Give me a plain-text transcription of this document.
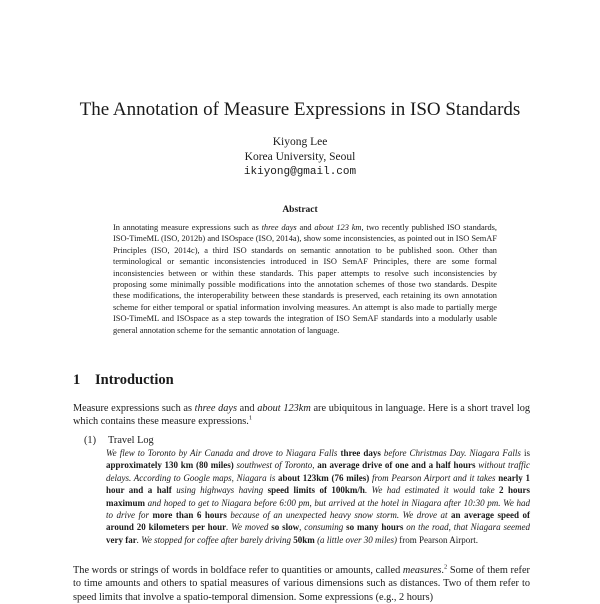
The Annotation of Measure Expressions in ISO Standards
Kiyong Lee
Korea University, Seoul
ikiyong@gmail.com
Abstract

In annotating measure expressions such as three days and about 123 km, two recently published ISO standards, ISO-TimeML (ISO, 2012b) and ISOspace (ISO, 2014a), show some inconsistencies, as pointed out in ISO SemAF Principles (ISO, 2014c), a third ISO standards on semantic annotation to be published soon. Other than terminological or semantic inconsistencies introduced in ISO SemAF Principles, there are some formal inconsistencies between or within these standards. This paper attempts to resolve such inconsistencies by proposing some minimally possible modifications into the annotation schemes of those two standards. Despite these modifications, the interoperability between these standards is preserved, each retaining its own annotation scheme for either temporal or spatial information involving measures. An attempt is also made to partially merge ISO-TimeML and ISOspace as a step towards the integration of ISO SemAF standards into a modularly usable general annotation scheme for the semantic annotation of language.

1 Introduction

Measure expressions such as three days and about 123km are ubiquitous in language. Here is a short travel log which contains these measure expressions.$^1$

(1) Travel Log

We flew to Toronto by Air Canada and drove to Niagara Falls three days before Christmas Day. Niagara Falls is approximately 130 km (80 miles) southwest of Toronto, an average drive of one and a half hours without traffic delays. According to Google maps, Niagara is about 123km (76 miles) from Pearson Airport and it takes nearly 1 hour and a half using highways having speed limits of 100km/h. We had estimated it would take 2 hours maximum and hoped to get to Niagara before 6:00 pm, but arrived at the hotel in Niagara after 10:30 pm. We had to drive for more than 6 hours because of an unexpected heavy snow storm. We drove at an average speed of around 20 kilometers per hour. We moved so slow, consuming so many hours on the road, that Niagara seemed very far. We stopped for coffee after barely driving 50km (a little over 30 miles) from Pearson Airport.

The words or strings of words in boldface refer to quantities or amounts, called measures.$^2$ Some of them refer to time amounts and others to spatial measures of various dimensions such as distances. Two of them refer to speed limits that involve a spatio-temporal dimension. Some expressions (e.g., 2 hours)
